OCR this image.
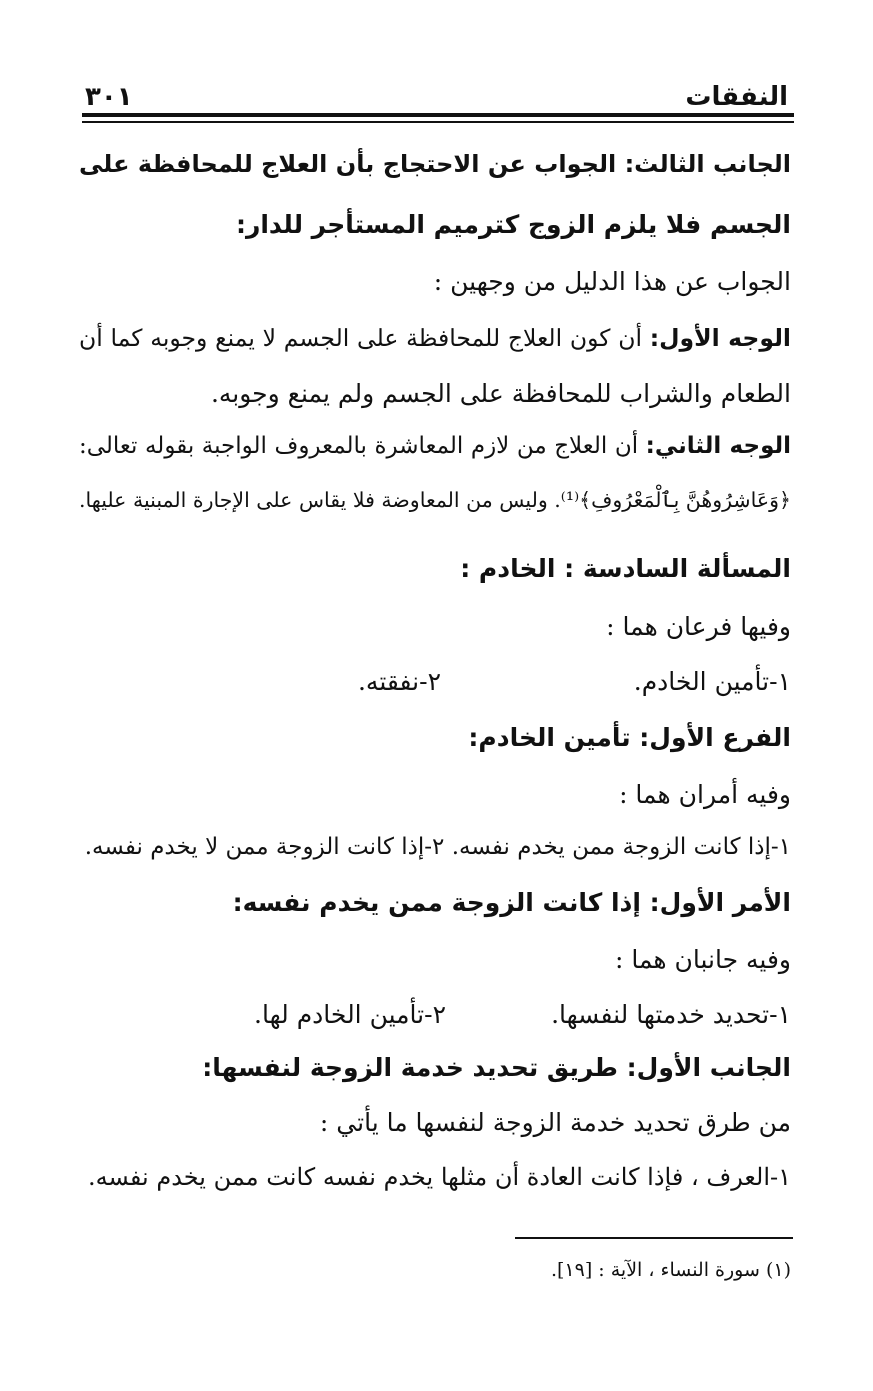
النفقات
٣٠١
الجانب الثالث: الجواب عن الاحتجاج بأن العلاج للمحافظة على
الجسم فلا يلزم الزوج كترميم المستأجر للدار:
الجواب عن هذا الدليل من وجهين :
الوجه الأول: أن كون العلاج للمحافظة على الجسم لا يمنع وجوبه كما أن
الطعام والشراب للمحافظة على الجسم ولم يمنع وجوبه.
الوجه الثاني: أن العلاج من لازم المعاشرة بالمعروف الواجبة بقوله تعالى:
﴿وَعَاشِرُوهُنَّ بِٱلْمَعْرُوفِ﴾⁽¹⁾. وليس من المعاوضة فلا يقاس على الإجارة المبنية عليها.
المسألة السادسة : الخادم :
وفيها فرعان هما :
١-تأمين الخادم.
٢-نفقته.
الفرع الأول: تأمين الخادم:
وفيه أمران هما :
١-إذا كانت الزوجة ممن يخدم نفسه. ٢-إذا كانت الزوجة ممن لا يخدم نفسه.
الأمر الأول: إذا كانت الزوجة ممن يخدم نفسه:
وفيه جانبان هما :
١-تحديد خدمتها لنفسها.
٢-تأمين الخادم لها.
الجانب الأول: طريق تحديد خدمة الزوجة لنفسها:
من طرق تحديد خدمة الزوجة لنفسها ما يأتي :
١-العرف ، فإذا كانت العادة أن مثلها يخدم نفسه كانت ممن يخدم نفسه.
(١) سورة النساء ، الآية : [١٩].
